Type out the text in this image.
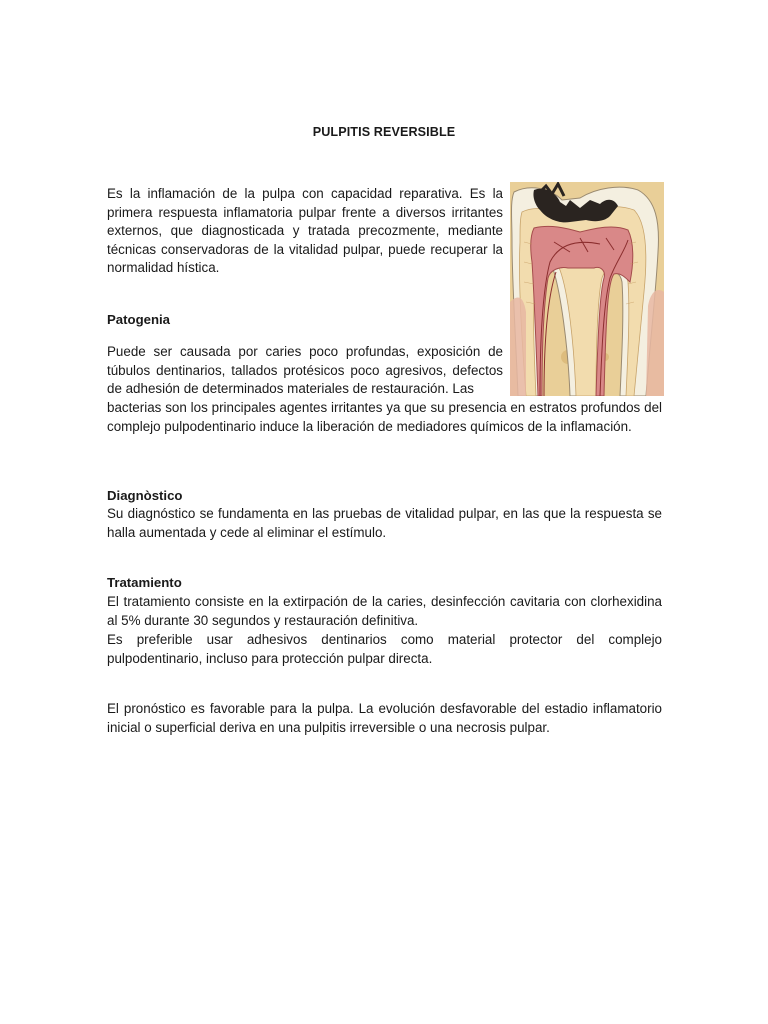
PULPITIS REVERSIBLE

Es la inflamación de la pulpa con capacidad reparativa. Es la primera respuesta inflamatoria pulpar frente a diversos irritantes externos, que diagnosticada y tratada precozmente, mediante técnicas conservadoras de la vitalidad pulpar, puede recuperar la normalidad hística.

Patogenia

Puede ser causada por caries poco profundas, exposición de túbulos dentinarios, tallados protésicos poco agresivos, defectos de adhesión de determinados materiales de restauración. Las

bacterias son los principales agentes irritantes ya que su presencia en estratos profundos del complejo pulpodentinario induce la liberación de mediadores químicos de la inflamación.

Diagnòstico

Su diagnóstico se fundamenta en las pruebas de vitalidad pulpar, en las que la respuesta se halla aumentada y cede al eliminar el estímulo.

Tratamiento

El tratamiento consiste en la extirpación de la caries, desinfección cavitaria con clorhexidina al 5% durante 30 segundos y restauración definitiva.

Es preferible usar adhesivos dentinarios como material protector del complejo pulpodentinario, incluso para protección pulpar directa.

El pronóstico es favorable para la pulpa. La evolución desfavorable del estadio inflamatorio inicial o superficial deriva en una pulpitis irreversible o una necrosis pulpar.
